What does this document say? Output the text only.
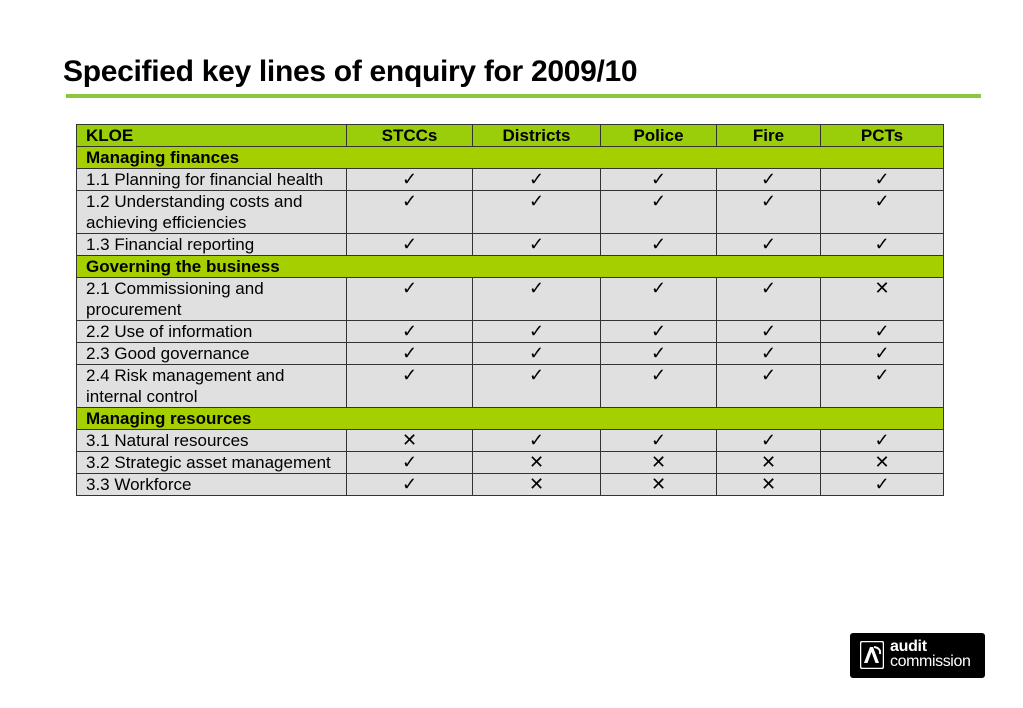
Specified key lines of enquiry for 2009/10
KLOE	STCCs	Districts	Police	Fire	PCTs
Managing finances					
1.1 Planning for financial health	✓	✓	✓	✓	✓
1.2 Understanding costs and achieving efficiencies	✓	✓	✓	✓	✓
1.3 Financial reporting	✓	✓	✓	✓	✓
Governing the business					
2.1 Commissioning and procurement	✓	✓	✓	✓	✕
2.2 Use of information	✓	✓	✓	✓	✓
2.3 Good governance	✓	✓	✓	✓	✓
2.4 Risk management and internal control	✓	✓	✓	✓	✓
Managing resources					
3.1 Natural resources	✕	✓	✓	✓	✓
3.2 Strategic asset management	✓	✕	✕	✕	✕
3.3 Workforce	✓	✕	✕	✕	✓
audit
commission
